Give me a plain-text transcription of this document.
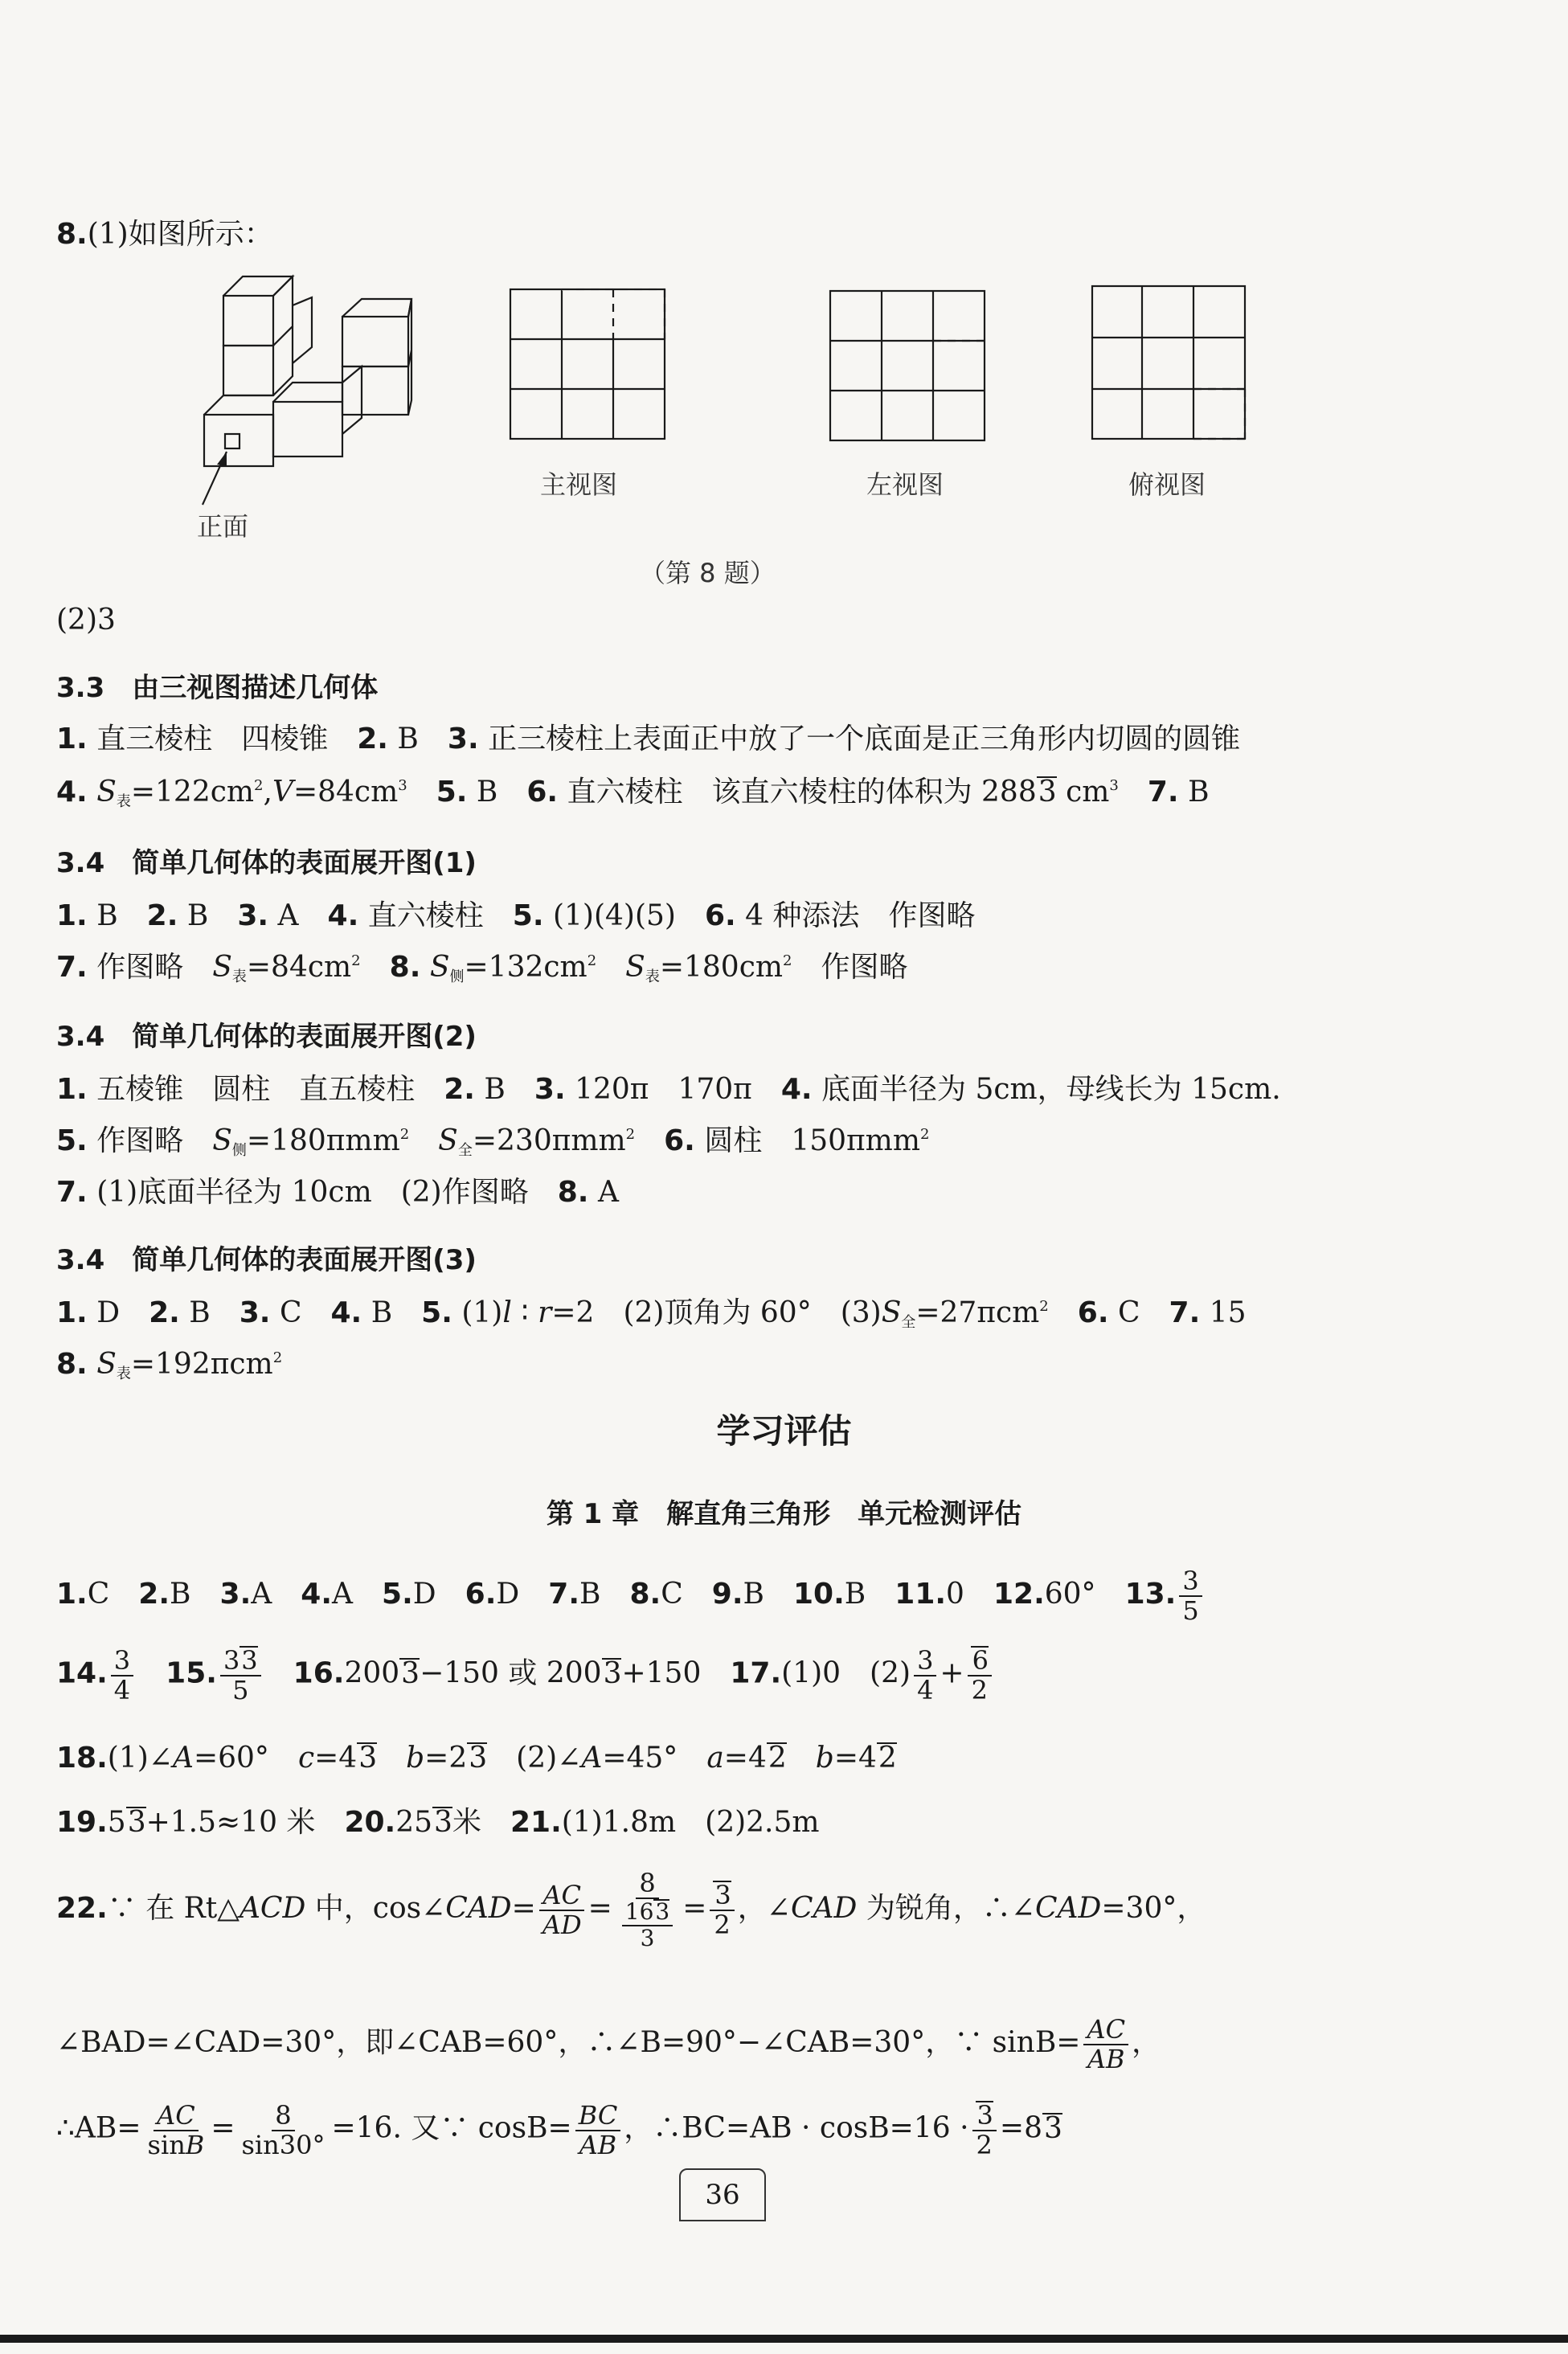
8.(1)如图所示：
正面
主视图	左视图	俯视图
（第 8 题）
(2)3
3.3　由三视图描述几何体
1. 直三棱柱　四棱锥　 2. B　 3. 正三棱柱上表面正中放了一个底面是正三角形内切圆的圆锥
4. $S_表=122cm^2,V=84cm^3$　 5. B　 6. 直六棱柱　该直六棱柱的体积为 2883 $cm^3$　 7. B
3.4　简单几何体的表面展开图(1)
1. B　 2. B　 3. A　 4. 直六棱柱　 5. (1)(4)(5)　 6. 4 种添法　作图略
7. 作图略　 $S_表=84cm^2$　 8. $S_侧=132cm^2$　 $S_表=180cm^2$　 作图略
3.4　简单几何体的表面展开图(2)
1. 五棱锥　圆柱　直五棱柱　 2. B　 3. 120π　170π　 4. 底面半径为 5cm，母线长为 15cm.
5. 作图略　 $S_侧=180\pi mm^2$　 $S_全=230\pi mm^2$　 6. 圆柱　150πmm$^2$
7. (1)底面半径为 10cm　(2)作图略　 8. A
3.4　简单几何体的表面展开图(3)
1. D　 2. B　 3. C　 4. B　 5. (1)l ∶ r=2　(2)顶角为 60°　$(3)S_全=27\pi cm^2$　 6. C　 7. 15
8. $S_表=192\pi cm^2$
学习评估
第 1 章　解直角三角形　单元检测评估
1.C　 2.B　 3.A　 4.A　 5.D　 6.D　 7.B　 8.C　 9.B　 10.B　 11.0　 12.60°　 13. $\frac{3}{5}$
14. $\frac{3}{4}$
　 15. $\frac{33}{5}$
　 16.2003−150 或 2003+150　 17.(1)0　$(2) \frac{3}{4} + \frac{6}{2}$
18.(1)∠A=60°　c=43　 b=23　 (2)∠A=45°　a=42　 b=42
19.53+1.5≈10 米　 20.253米　 21.(1)1.8m　(2)2.5m
22.∵ 在 Rt△ACD 中，cos∠CAD= $\frac{AC}{AD} = \frac{8}{\frac{163}{3}} = \frac{3}{2}$ ，∠CAD 为锐角，∴∠CAD=30°，
∠BAD=∠CAD=30°，即∠CAB=60°，∴∠B=90°−∠CAB=30°，∵ $\sin B= \frac{AC}{AB}$ ，
∴AB= $\frac{AC}{\sin B} = \frac{8}{\sin 30^\circ} =16$. 又∵ $\cos B= \frac{BC}{AB}$ ，∴BC=AB · $\cos B=16 \cdot \frac{3}{2} =83$
36
